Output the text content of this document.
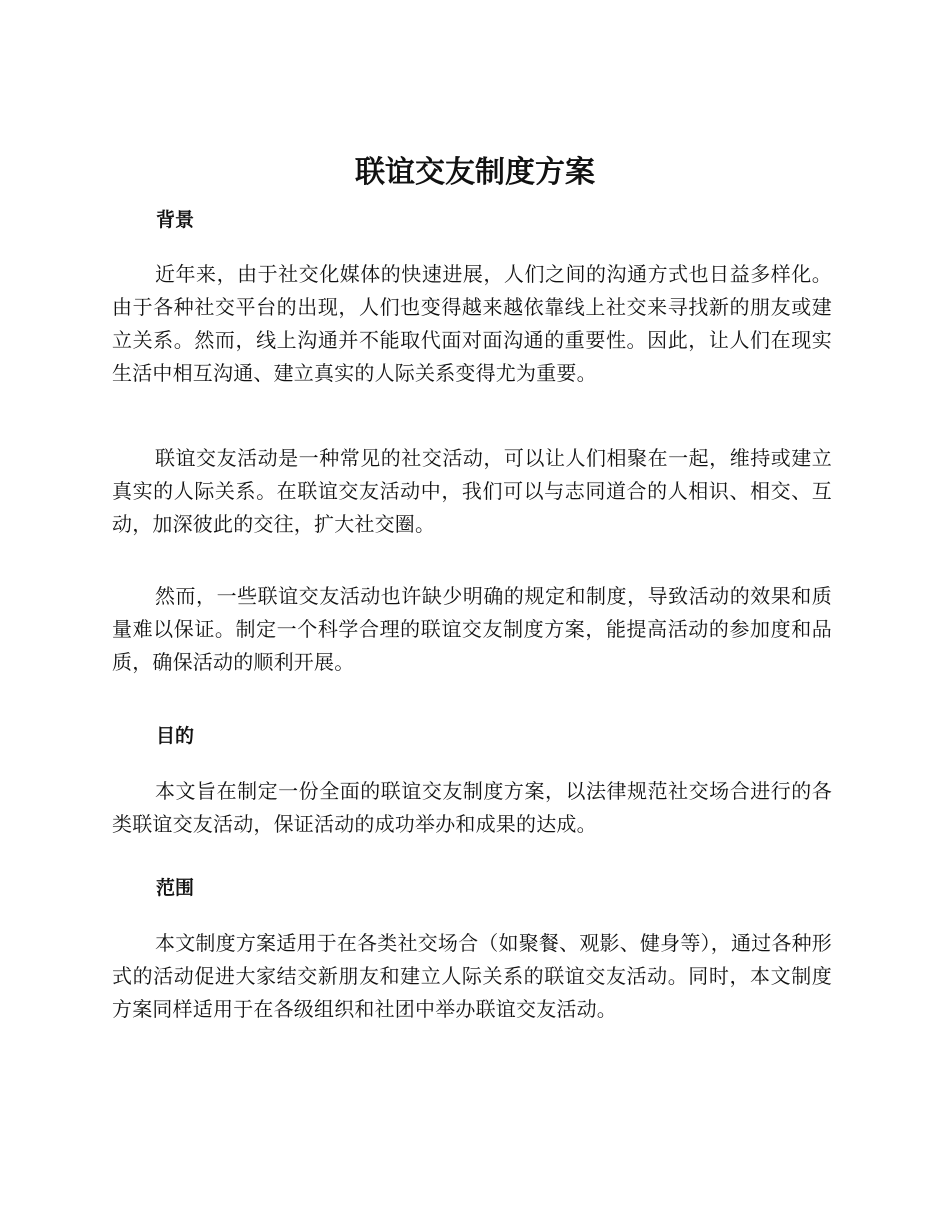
联谊交友制度方案
背景

近年来，由于社交化媒体的快速进展，人们之间的沟通方式也日益多样化。由于各种社交平台的出现，人们也变得越来越依靠线上社交来寻找新的朋友或建立关系。然而，线上沟通并不能取代面对面沟通的重要性。因此，让人们在现实生活中相互沟通、建立真实的人际关系变得尤为重要。

联谊交友活动是一种常见的社交活动，可以让人们相聚在一起，维持或建立真实的人际关系。在联谊交友活动中，我们可以与志同道合的人相识、相交、互动，加深彼此的交往，扩大社交圈。

然而，一些联谊交友活动也许缺少明确的规定和制度，导致活动的效果和质量难以保证。制定一个科学合理的联谊交友制度方案，能提高活动的参加度和品质，确保活动的顺利开展。

目的

本文旨在制定一份全面的联谊交友制度方案，以法律规范社交场合进行的各类联谊交友活动，保证活动的成功举办和成果的达成。

范围

本文制度方案适用于在各类社交场合（如聚餐、观影、健身等），通过各种形式的活动促进大家结交新朋友和建立人际关系的联谊交友活动。同时，本文制度方案同样适用于在各级组织和社团中举办联谊交友活动。
